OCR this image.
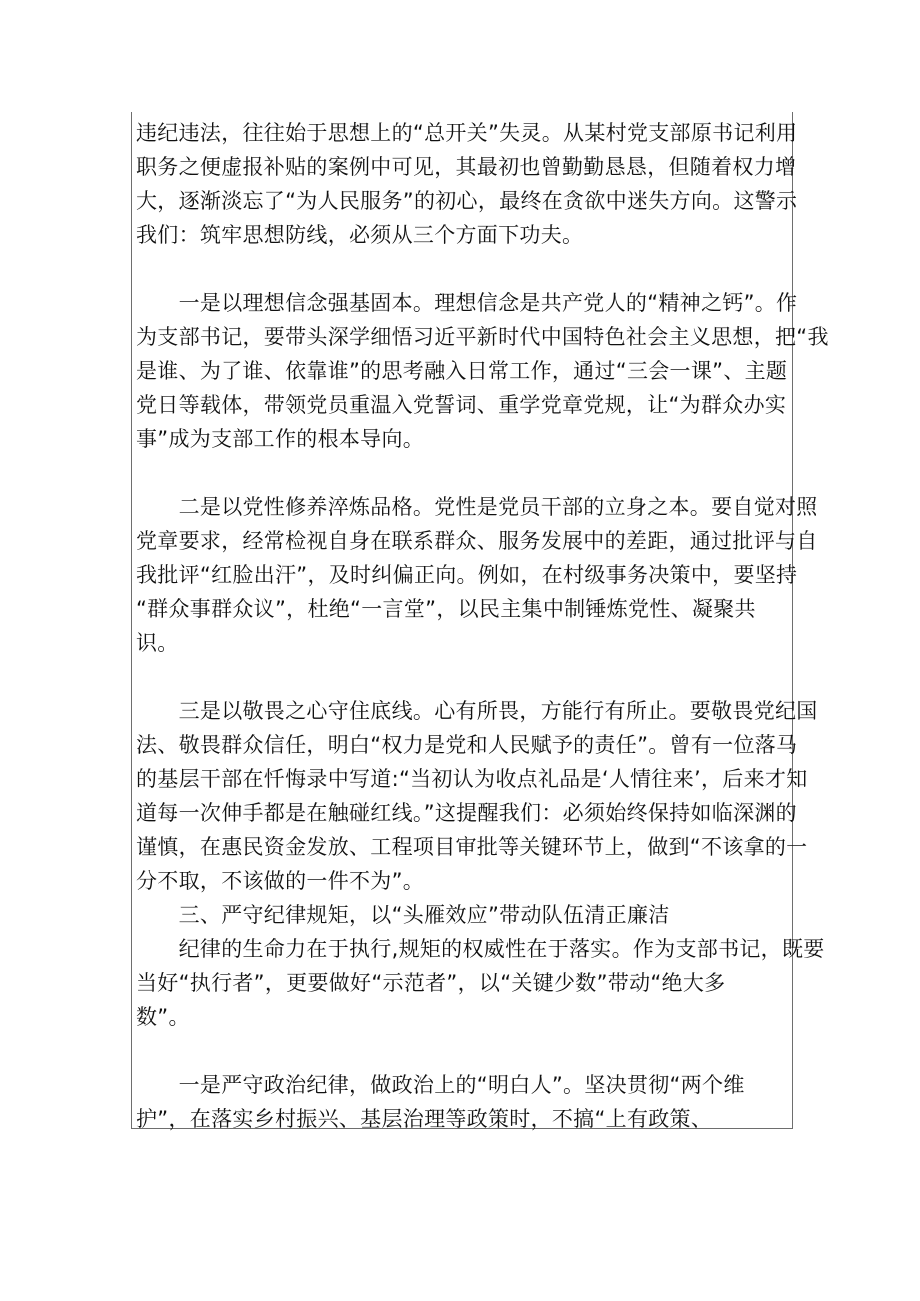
违纪违法，往往始于思想上的“总开关”失灵。从某村党支部原书记利用
职务之便虚报补贴的案例中可见，其最初也曾勤勤恳恳，但随着权力增
大，逐渐淡忘了“为人民服务”的初心，最终在贪欲中迷失方向。这警示
我们：筑牢思想防线，必须从三个方面下功夫。
　　一是以理想信念强基固本。理想信念是共产党人的“精神之钙”。作
为支部书记，要带头深学细悟习近平新时代中国特色社会主义思想，把“我
是谁、为了谁、依靠谁”的思考融入日常工作，通过“三会一课”、主题
党日等载体，带领党员重温入党誓词、重学党章党规，让“为群众办实
事”成为支部工作的根本导向。
　　二是以党性修养淬炼品格。党性是党员干部的立身之本。要自觉对照
党章要求，经常检视自身在联系群众、服务发展中的差距，通过批评与自
我批评“红脸出汗”，及时纠偏正向。例如，在村级事务决策中，要坚持
“群众事群众议”，杜绝“一言堂”，以民主集中制锤炼党性、凝聚共
识。
　　三是以敬畏之心守住底线。心有所畏，方能行有所止。要敬畏党纪国
法、敬畏群众信任，明白“权力是党和人民赋予的责任”。曾有一位落马
的基层干部在忏悔录中写道:“当初认为收点礼品是‘人情往来’，后来才知
道每一次伸手都是在触碰红线。”这提醒我们：必须始终保持如临深渊的
谨慎，在惠民资金发放、工程项目审批等关键环节上，做到“不该拿的一
分不取，不该做的一件不为”。
　　三、严守纪律规矩，以“头雁效应”带动队伍清正廉洁
　　纪律的生命力在于执行,规矩的权威性在于落实。作为支部书记，既要
当好“执行者”，更要做好“示范者”，以“关键少数”带动“绝大多
数”。
　　一是严守政治纪律，做政治上的“明白人”。坚决贯彻“两个维
护”，在落实乡村振兴、基层治理等政策时，不搞“上有政策、
